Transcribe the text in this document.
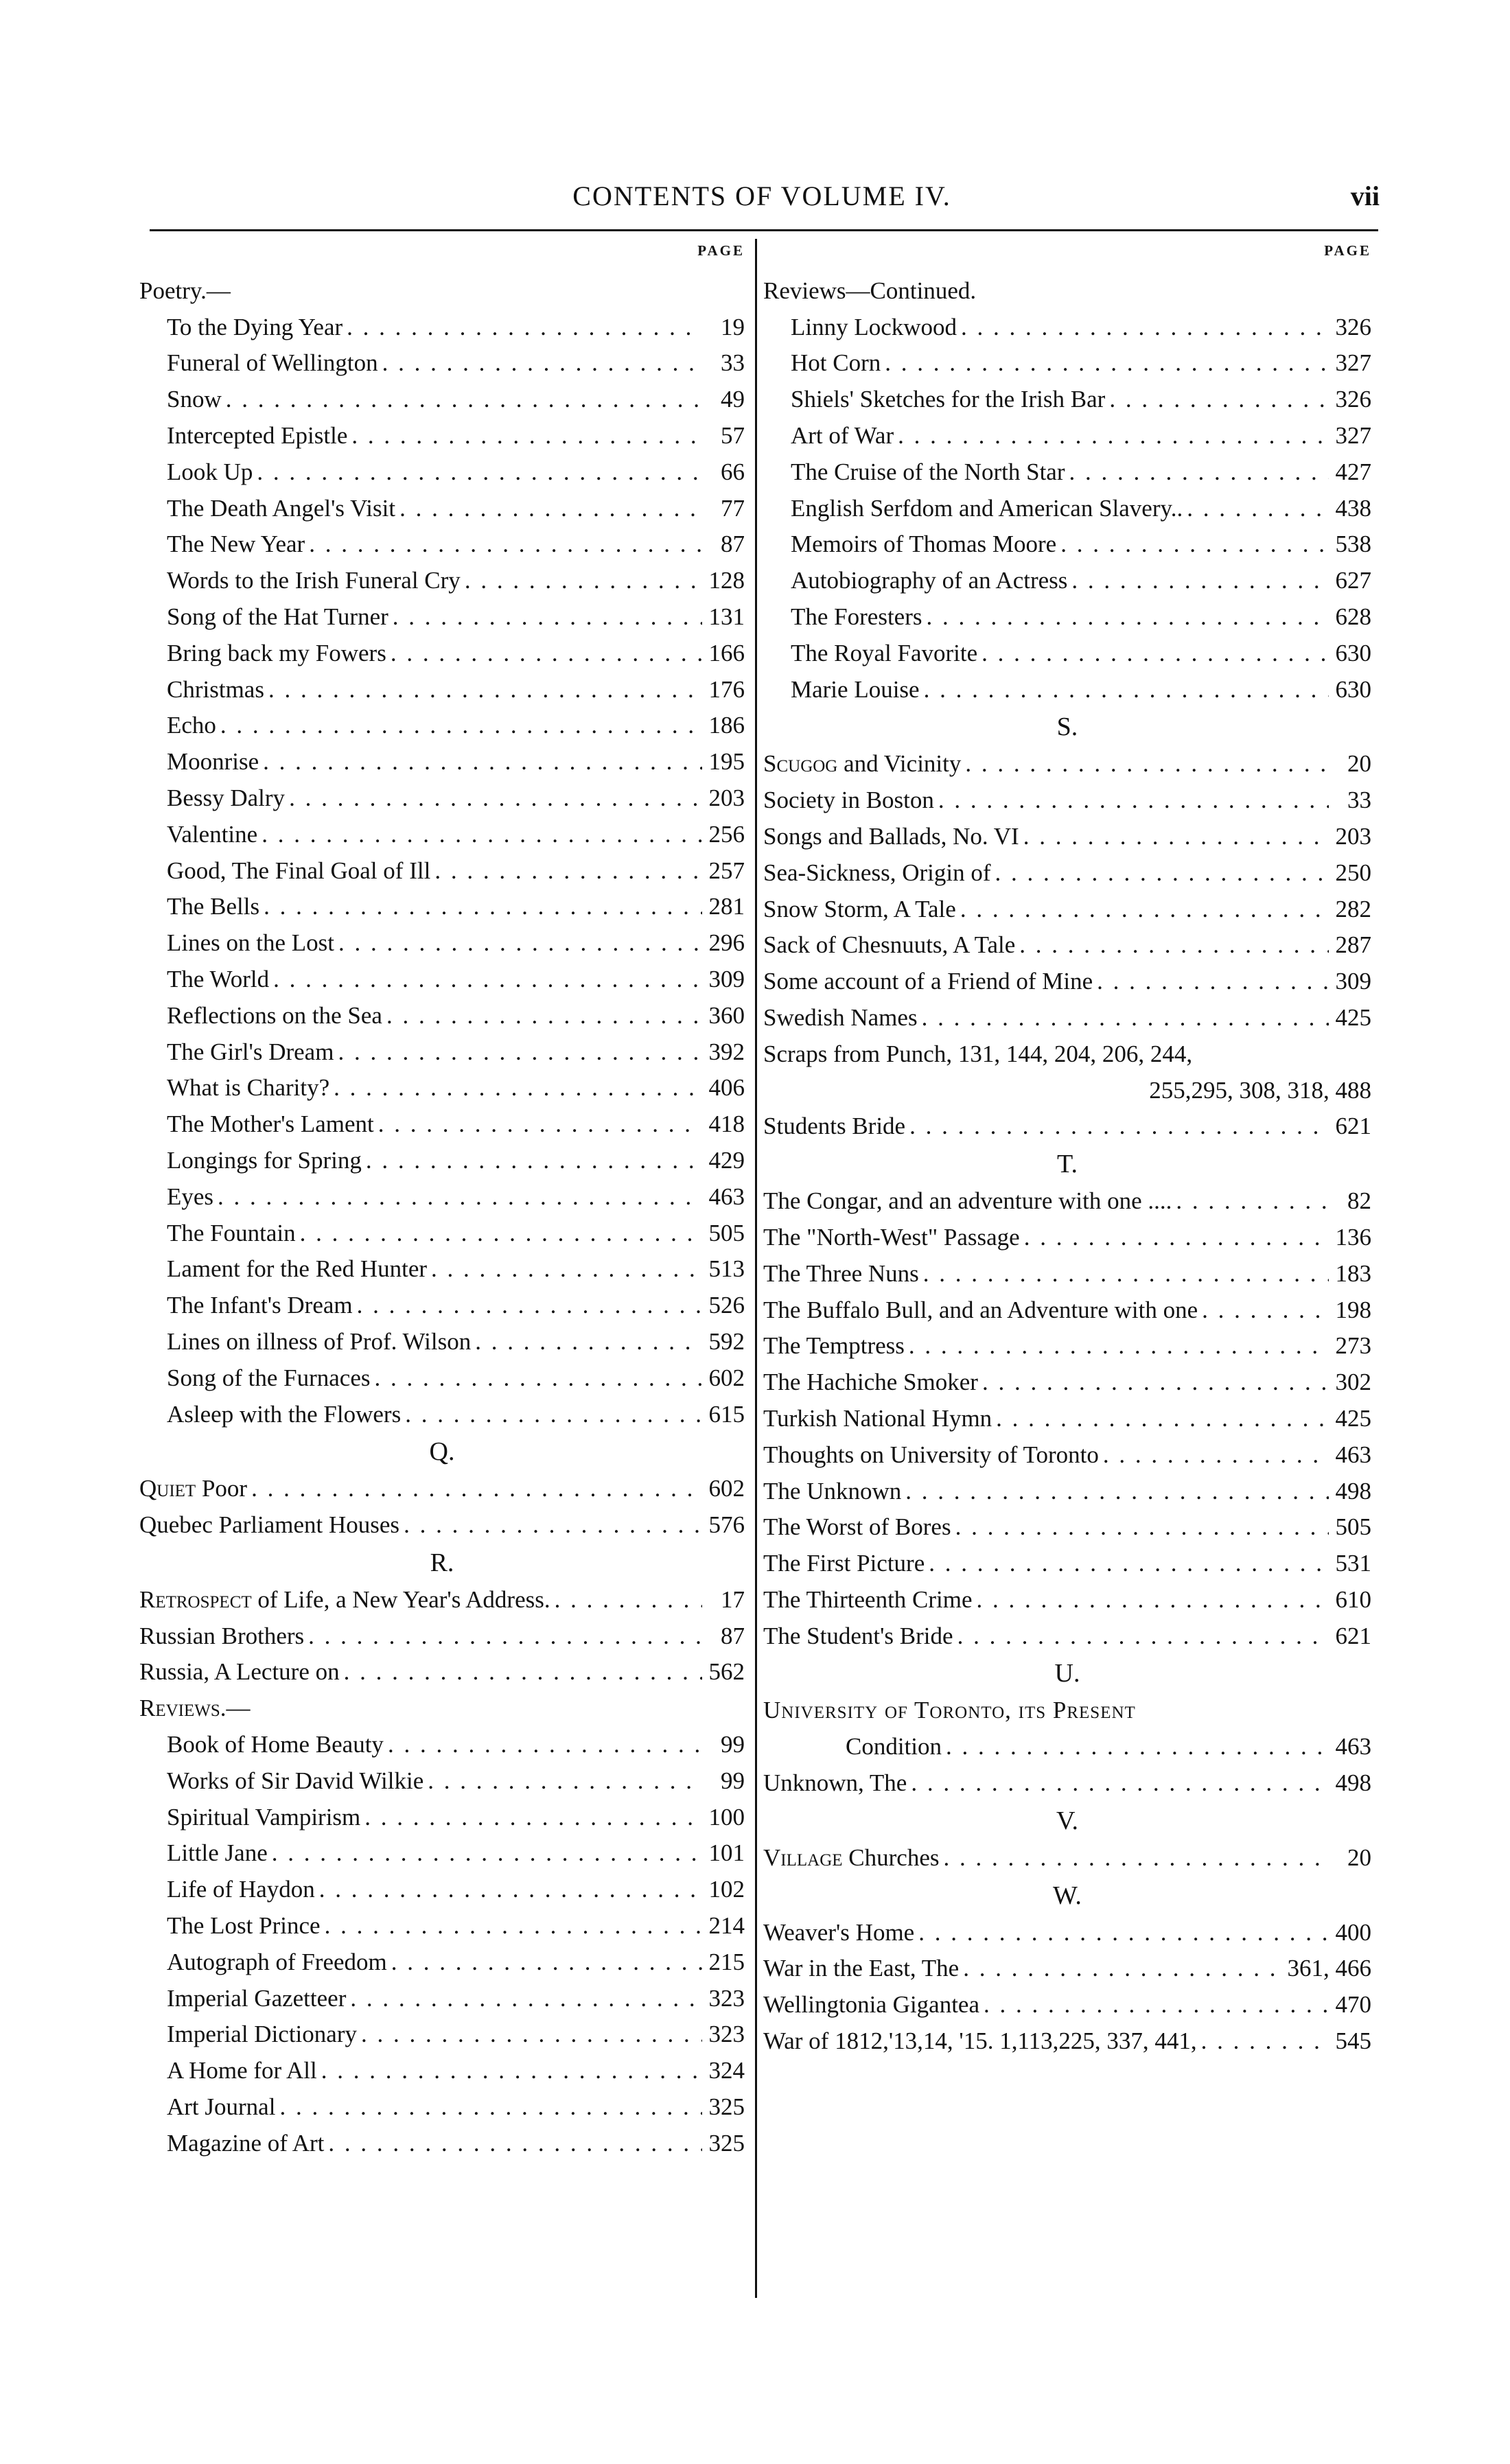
CONTENTS OF VOLUME IV.	vii
PAGE
Poetry.—
To the Dying Year . . .	19
Funeral of Wellington . . .	33
Snow . . .	49
Intercepted Epistle . . .	57
Look Up . . .	66
The Death Angel's Visit . . .	77
The New Year . . .	87
Words to the Irish Funeral Cry . . .	128
Song of the Hat Turner . . .	131
Bring back my Fowers . . .	166
Christmas . . .	176
Echo . . .	186
Moonrise . . .	195
Bessy Dalry . . .	203
Valentine . . .	256
Good, The Final Goal of Ill . . .	257
The Bells . . .	281
Lines on the Lost . . .	296
The World . . .	309
Reflections on the Sea . . .	360
The Girl's Dream . . .	392
What is Charity? . . .	406
The Mother's Lament . . .	418
Longings for Spring . . .	429
Eyes . . .	463
The Fountain . . .	505
Lament for the Red Hunter . . .	513
The Infant's Dream . . .	526
Lines on illness of Prof. Wilson . . .	592
Song of the Furnaces . . .	602
Asleep with the Flowers . . .	615
Q.
Quiet Poor . . .	602
Quebec Parliament Houses . . .	576
R.
Retrospect of Life, a New Year's Address. . . .	17
Russian Brothers . . .	87
Russia, A Lecture on . . .	562
Reviews.—
Book of Home Beauty . . .	99
Works of Sir David Wilkie . . .	99
Spiritual Vampirism . . .	100
Little Jane . . .	101
Life of Haydon . . .	102
The Lost Prince . . .	214
Autograph of Freedom . . .	215
Imperial Gazetteer . . .	323
Imperial Dictionary . . .	323
A Home for All . . .	324
Art Journal . . .	325
Magazine of Art . . .	325
PAGE
Reviews—Continued.
Linny Lockwood . . .	326
Hot Corn . . .	327
Shiels' Sketches for the Irish Bar . . .	326
Art of War . . .	327
The Cruise of the North Star . . .	427
English Serfdom and American Slavery.. . . .	438
Memoirs of Thomas Moore . . .	538
Autobiography of an Actress . . .	627
The Foresters . . .	628
The Royal Favorite . . .	630
Marie Louise . . .	630
S.
Scugog and Vicinity . . .	20
Society in Boston . . .	33
Songs and Ballads, No. VI . . .	203
Sea-Sickness, Origin of . . .	250
Snow Storm, A Tale . . .	282
Sack of Chesnuuts, A Tale . . .	287
Some account of a Friend of Mine . . .	309
Swedish Names . . .	425
Scraps from Punch, 131, 144, 204, 206, 244,
255,295, 308, 318, 488
Students Bride . . .	621
T.
The Congar, and an adventure with one .... . . .	82
The "North-West" Passage . . .	136
The Three Nuns . . .	183
The Buffalo Bull, and an Adventure with one . . .	198
The Temptress . . .	273
The Hachiche Smoker . . .	302
Turkish National Hymn . . .	425
Thoughts on University of Toronto . . .	463
The Unknown . . .	498
The Worst of Bores . . .	505
The First Picture . . .	531
The Thirteenth Crime . . .	610
The Student's Bride . . .	621
U.
University of Toronto, its Present
Condition . . .	463
Unknown, The . . .	498
V.
Village Churches . . .	20
W.
Weaver's Home . . .	400
War in the East, The . . .	361, 466
Wellingtonia Gigantea . . .	470
War of 1812,'13,14, '15. 1,113,225, 337, 441, . . .	545
